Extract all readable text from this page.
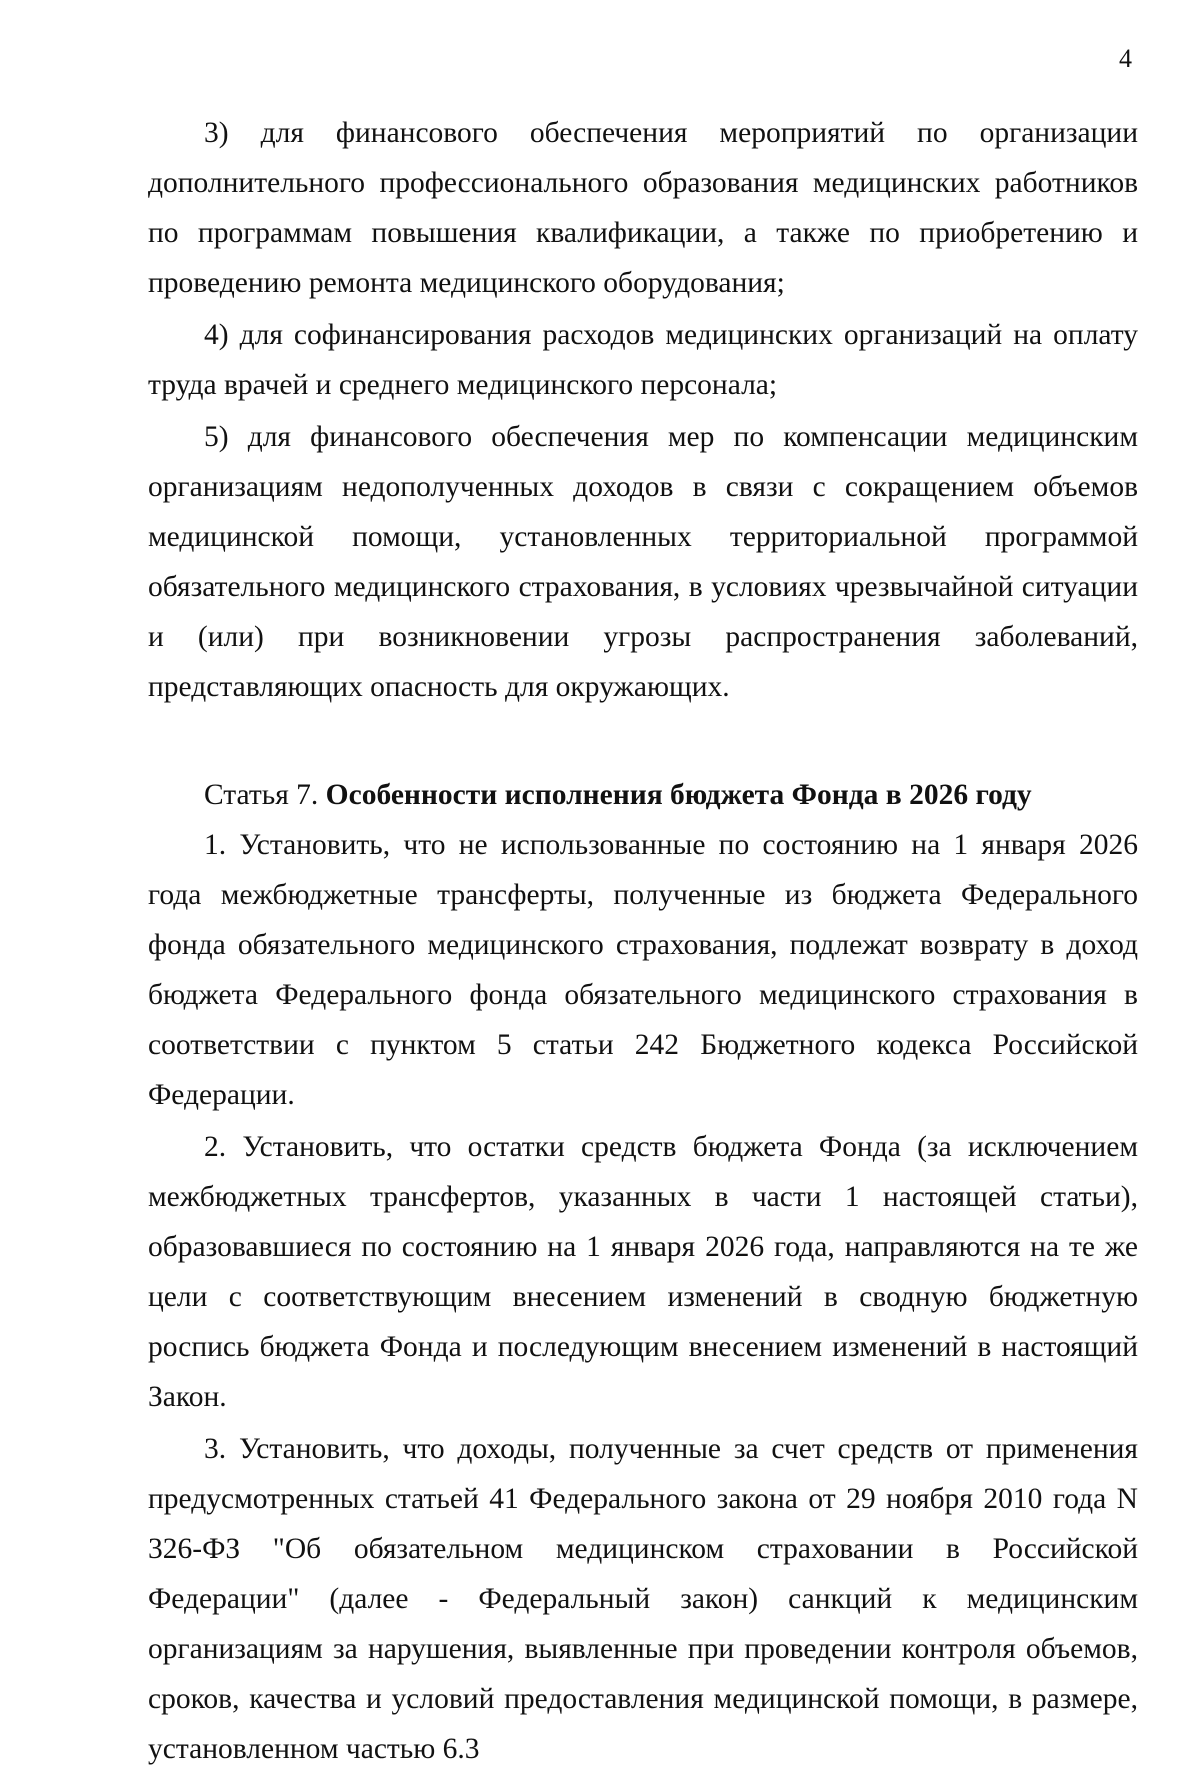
4

3) для финансового обеспечения мероприятий по организации дополнительного профессионального образования медицинских работников по программам повышения квалификации, а также по приобретению и проведению ремонта медицинского оборудования;

4) для софинансирования расходов медицинских организаций на оплату труда врачей и среднего медицинского персонала;

5) для финансового обеспечения мер по компенсации медицинским организациям недополученных доходов в связи с сокращением объемов медицинской помощи, установленных территориальной программой обязательного медицинского страхования, в условиях чрезвычайной ситуации и (или) при возникновении угрозы распространения заболеваний, представляющих опасность для окружающих.

Статья 7. Особенности исполнения бюджета Фонда в 2026 году

1. Установить, что не использованные по состоянию на 1 января 2026 года межбюджетные трансферты, полученные из бюджета Федерального фонда обязательного медицинского страхования, подлежат возврату в доход бюджета Федерального фонда обязательного медицинского страхования в соответствии с пунктом 5 статьи 242 Бюджетного кодекса Российской Федерации.

2. Установить, что остатки средств бюджета Фонда (за исключением межбюджетных трансфертов, указанных в части 1 настоящей статьи), образовавшиеся по состоянию на 1 января 2026 года, направляются на те же цели с соответствующим внесением изменений в сводную бюджетную роспись бюджета Фонда и последующим внесением изменений в настоящий Закон.

3. Установить, что доходы, полученные за счет средств от применения предусмотренных статьей 41 Федерального закона от 29 ноября 2010 года N 326-ФЗ "Об обязательном медицинском страховании в Российской Федерации" (далее - Федеральный закон) санкций к медицинским организациям за нарушения, выявленные при проведении контроля объемов, сроков, качества и условий предоставления медицинской помощи, в размере, установленном частью 6.3
